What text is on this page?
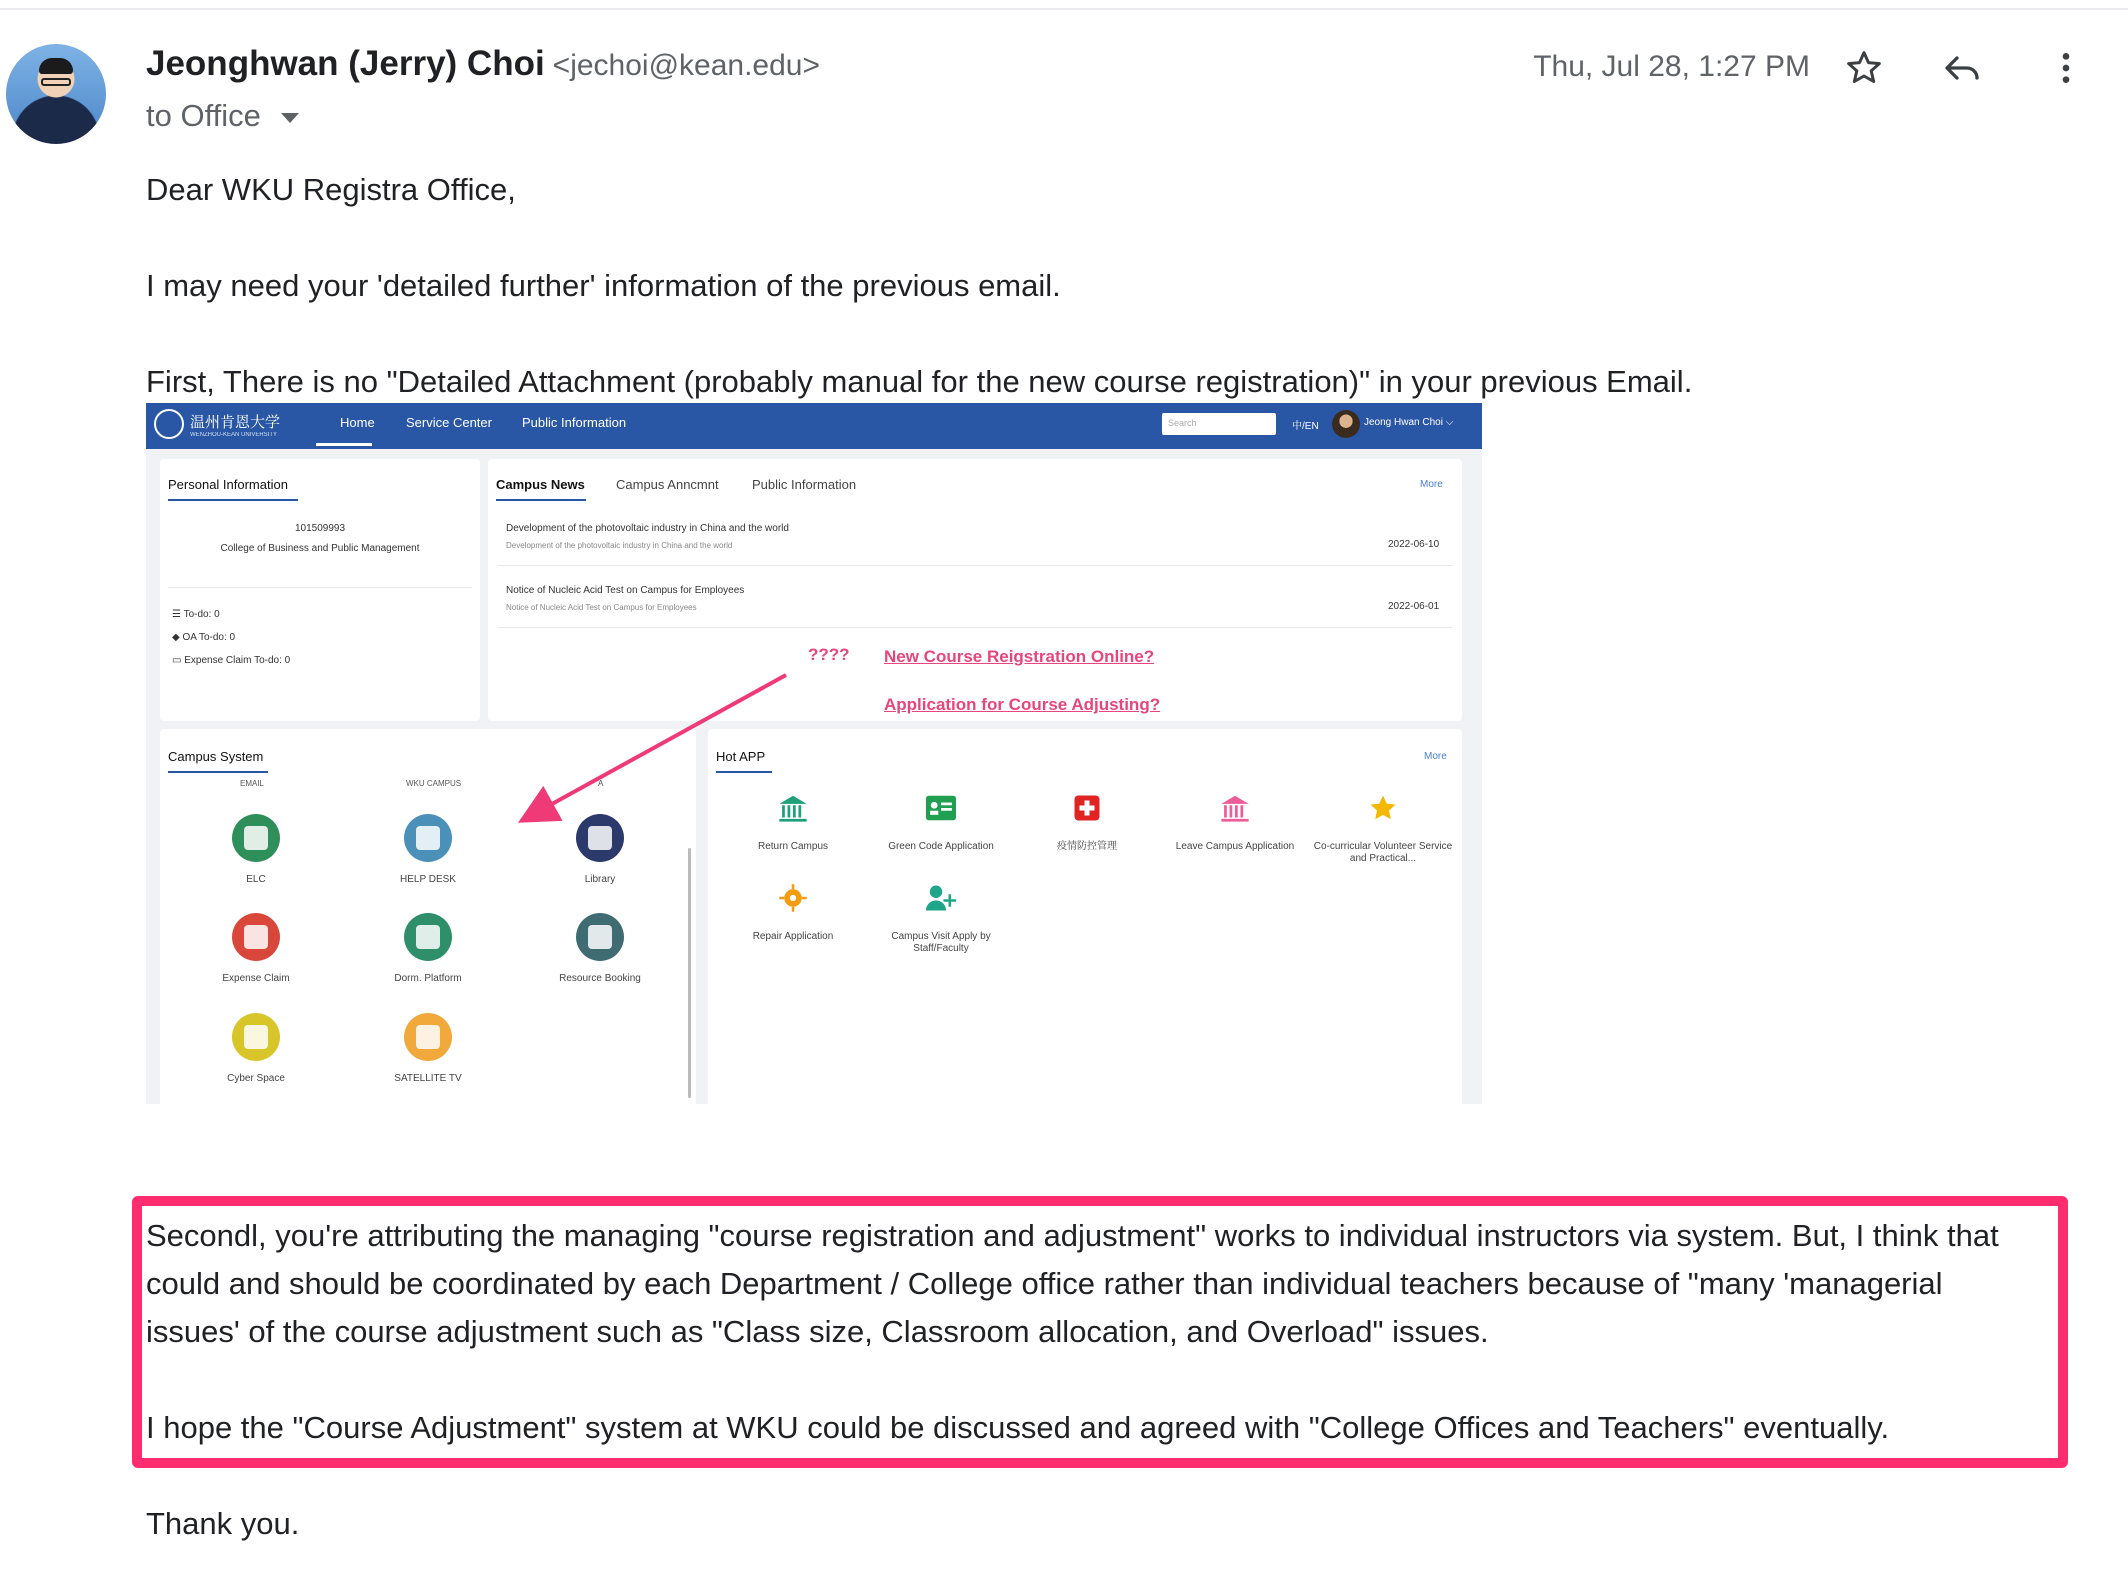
Jeonghwan (Jerry) Choi <jechoi@kean.edu>
to Office
Thu, Jul 28, 1:27 PM
Dear WKU Registra Office,
I may need your 'detailed further' information of the previous email.
First, There is no "Detailed Attachment (probably manual for the new course registration)" in your previous Email.
温州肯恩大学
WENZHOU-KEAN UNIVERSITY
Home Service Center Public Information	Search	中/EN	Jeong Hwan Choi ⌵
Personal Information
101509993
College of Business and Public Management
☰ To-do: 0
◆ OA To-do: 0
▭ Expense Claim To-do: 0
Campus News Campus Anncmnt	Public Information	More
Development of the photovoltaic industry in China and the world
Development of the photovoltaic industry in China and the world	2022-06-10
Notice of Nucleic Acid Test on Campus for Employees
Notice of Nucleic Acid Test on Campus for Employees	2022-06-01
???? New Course Reigstration Online?
Application for Course Adjusting?
Campus System
EMAIL	WKU CAMPUS	A
ELC	HELP DESK	Library
Expense Claim	Dorm. Platform	Resource Booking
Cyber Space	SATELLITE TV
Hot APP	More
Return Campus	Green Code Application	疫情防控管理	Leave Campus Application	Co-curricular Volunteer Service and Practical...
Repair Application	Campus Visit Apply by Staff/Faculty
Secondl, you're attributing the managing "course registration and adjustment" works to individual instructors via system. But, I think that
could and should be coordinated by each Department / College office rather than individual teachers because of "many 'managerial
issues' of the course adjustment such as "Class size, Classroom allocation, and Overload" issues.
I hope the "Course Adjustment" system at WKU could be discussed and agreed with "College Offices and Teachers" eventually.
Thank you.
